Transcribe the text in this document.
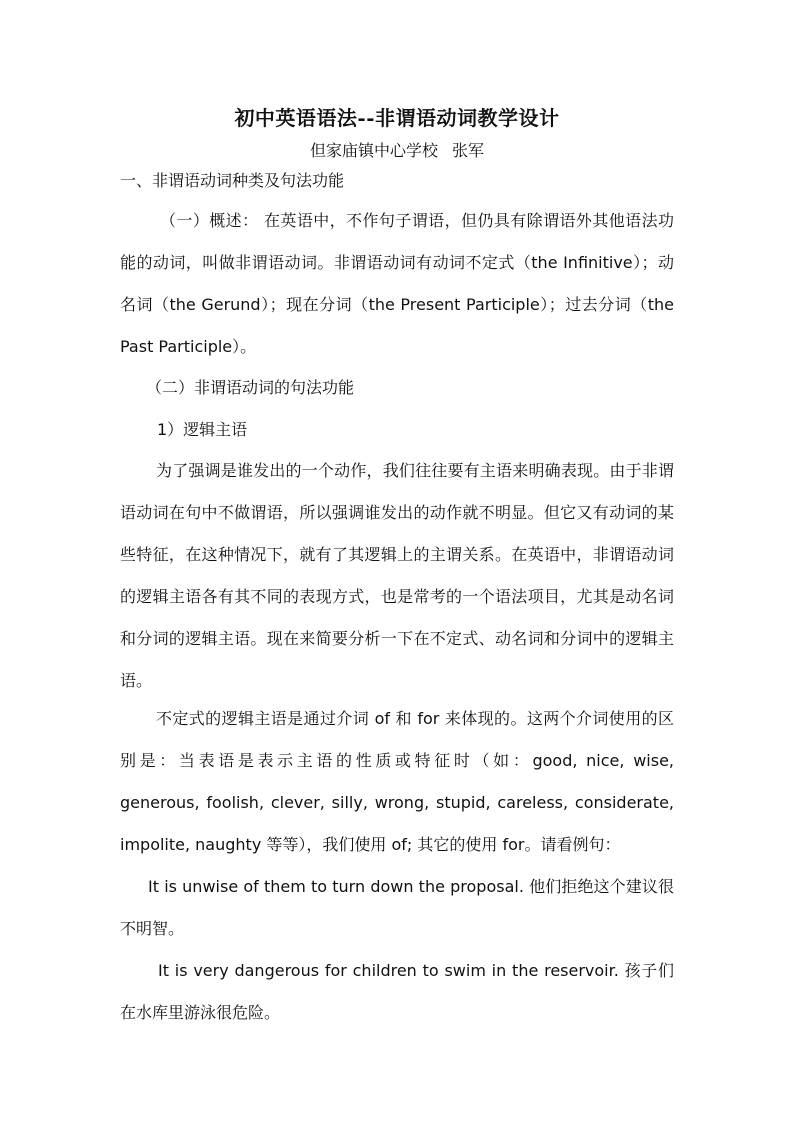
初中英语语法--非谓语动词教学设计
但家庙镇中心学校 张军
一、非谓语动词种类及句法功能
（一）概述： 在英语中，不作句子谓语，但仍具有除谓语外其他语法功能的动词，叫做非谓语动词。非谓语动词有动词不定式（the Infinitive）；动名词（the Gerund）；现在分词（the Present Participle）；过去分词（the Past Participle）。
（二）非谓语动词的句法功能
1）逻辑主语
为了强调是谁发出的一个动作，我们往往要有主语来明确表现。由于非谓语动词在句中不做谓语，所以强调谁发出的动作就不明显。但它又有动词的某些特征，在这种情况下，就有了其逻辑上的主谓关系。在英语中，非谓语动词的逻辑主语各有其不同的表现方式，也是常考的一个语法项目，尤其是动名词和分词的逻辑主语。现在来简要分析一下在不定式、动名词和分词中的逻辑主语。
不定式的逻辑主语是通过介词 of 和 for 来体现的。这两个介词使用的区别是：当表语是表示主语的性质或特征时（如：good, nice, wise, generous, foolish, clever, silly, wrong, stupid, careless, considerate, impolite, naughty 等等），我们使用 of; 其它的使用 for。请看例句：
It is unwise of them to turn down the proposal. 他们拒绝这个建议很不明智。
It is very dangerous for children to swim in the reservoir. 孩子们在水库里游泳很危险。
